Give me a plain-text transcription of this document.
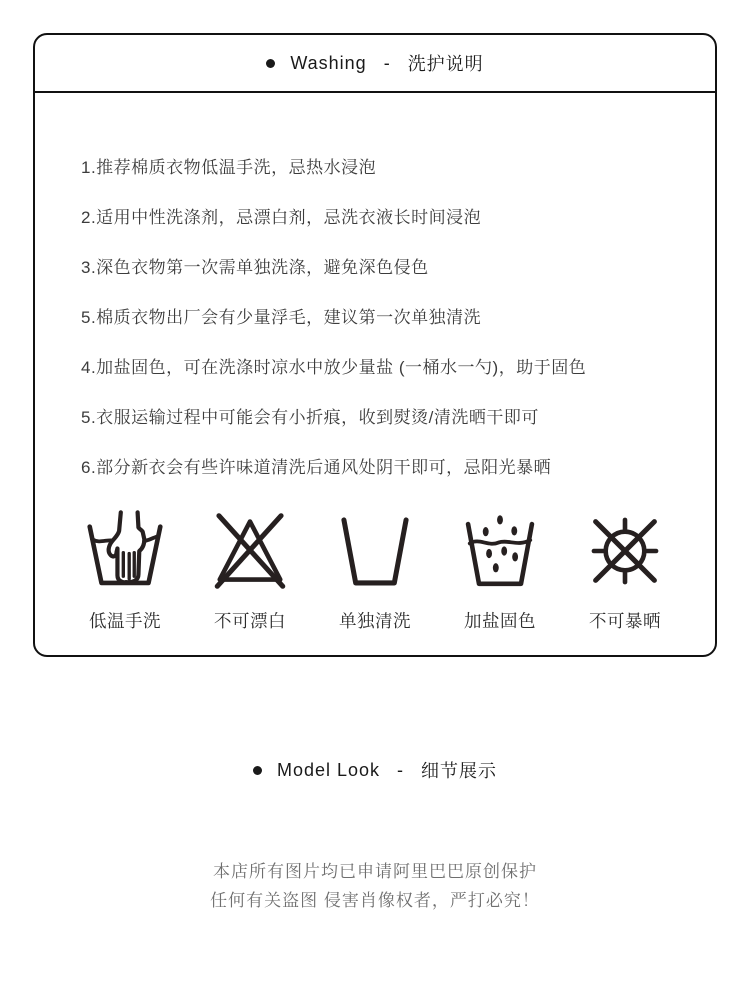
Washing - 洗护说明
1.推荐棉质衣物低温手洗，忌热水浸泡
2.适用中性洗涤剂，忌漂白剂，忌洗衣液长时间浸泡
3.深色衣物第一次需单独洗涤，避免深色侵色
5.棉质衣物出厂会有少量浮毛，建议第一次单独清洗
4.加盐固色，可在洗涤时凉水中放少量盐 (一桶水一勺)，助于固色
5.衣服运输过程中可能会有小折痕，收到熨烫/清洗晒干即可
6.部分新衣会有些许味道清洗后通风处阴干即可，忌阳光暴晒
低温手洗	不可漂白	单独清洗	加盐固色	不可暴晒
Model Look - 细节展示
本店所有图片均已申请阿里巴巴原创保护
任何有关盗图 侵害肖像权者，严打必究！
